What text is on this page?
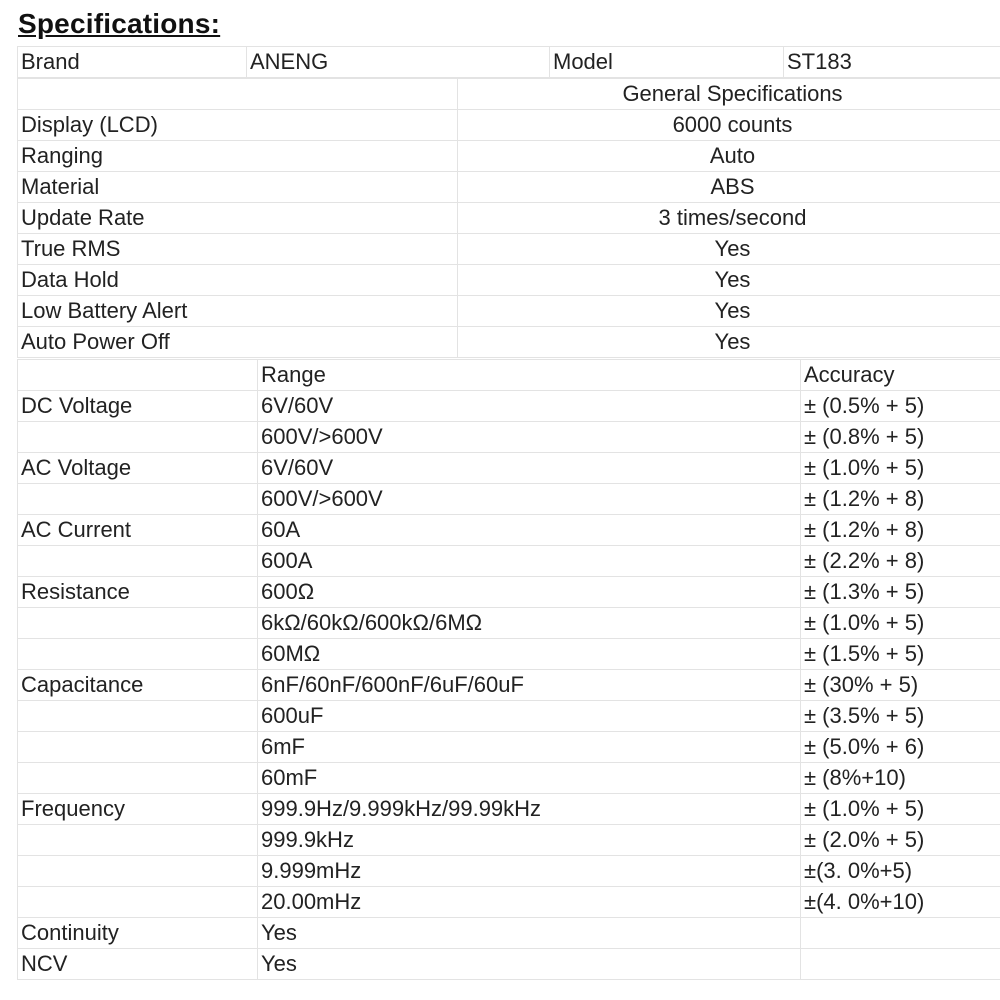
Specifications:
Brand	ANENG	Model	ST183
	General Specifications
Display (LCD)	6000 counts
Ranging	Auto
Material	ABS
Update Rate	3 times/second
True RMS	Yes
Data Hold	Yes
Low Battery Alert	Yes
Auto Power Off	Yes
	Range	Accuracy
DC Voltage	6V/60V	± (0.5% + 5)
	600V/>600V	± (0.8% + 5)
AC Voltage	6V/60V	± (1.0% + 5)
	600V/>600V	± (1.2% + 8)
AC Current	60A	± (1.2% + 8)
	600A	± (2.2% + 8)
Resistance	600Ω	± (1.3% + 5)
	6kΩ/60kΩ/600kΩ/6MΩ	± (1.0% + 5)
	60MΩ	± (1.5% + 5)
Capacitance	6nF/60nF/600nF/6uF/60uF	± (30% + 5)
	600uF	± (3.5% + 5)
	6mF	± (5.0% + 6)
	60mF	± (8%+10)
Frequency	999.9Hz/9.999kHz/99.99kHz	± (1.0% + 5)
	999.9kHz	± (2.0% + 5)
	9.999mHz	±(3. 0%+5)
	20.00mHz	±(4. 0%+10)
Continuity	Yes	
NCV	Yes	
